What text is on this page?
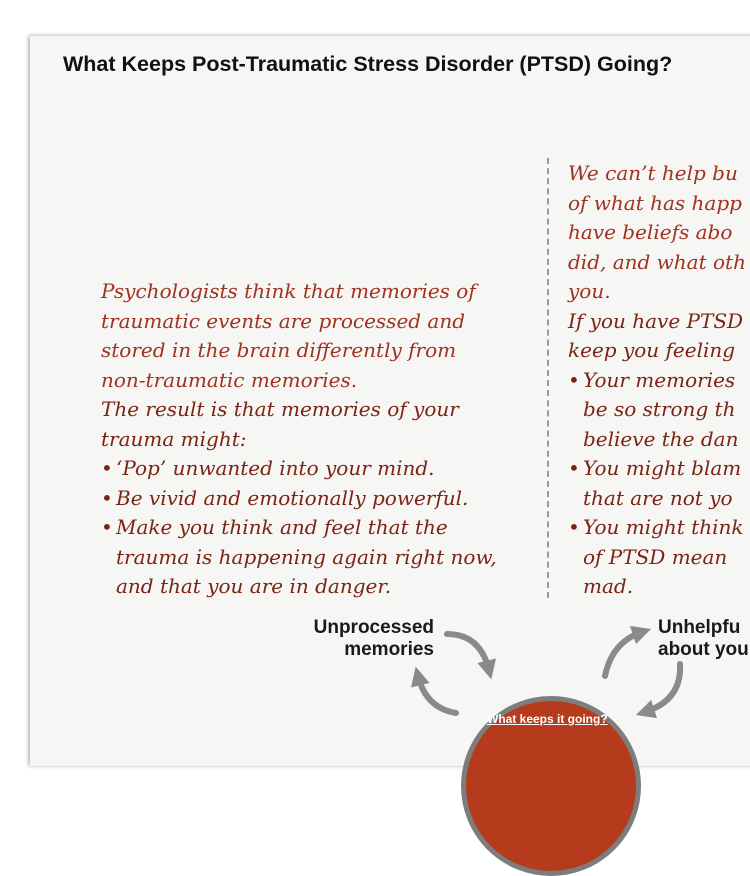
What Keeps Post-Traumatic Stress Disorder (PTSD) Going?
Psychologists think that memories of
traumatic events are processed and
stored in the brain differently from
non-traumatic memories.
The result is that memories of your
trauma might:
• ‘Pop’ unwanted into your mind.
• Be vivid and emotionally powerful.
• Make you think and feel that the
trauma is happening again right now,
and that you are in danger.
We can’t help bu
of what has happ
have beliefs abo
did, and what oth
you.
If you have PTSD
keep you feeling
• Your memories
be so strong th
believe the dan
• You might blam
that are not yo
• You might think
of PTSD mean
mad.
Unprocessed
memories
Unhelpfu
about you
What keeps it going?
